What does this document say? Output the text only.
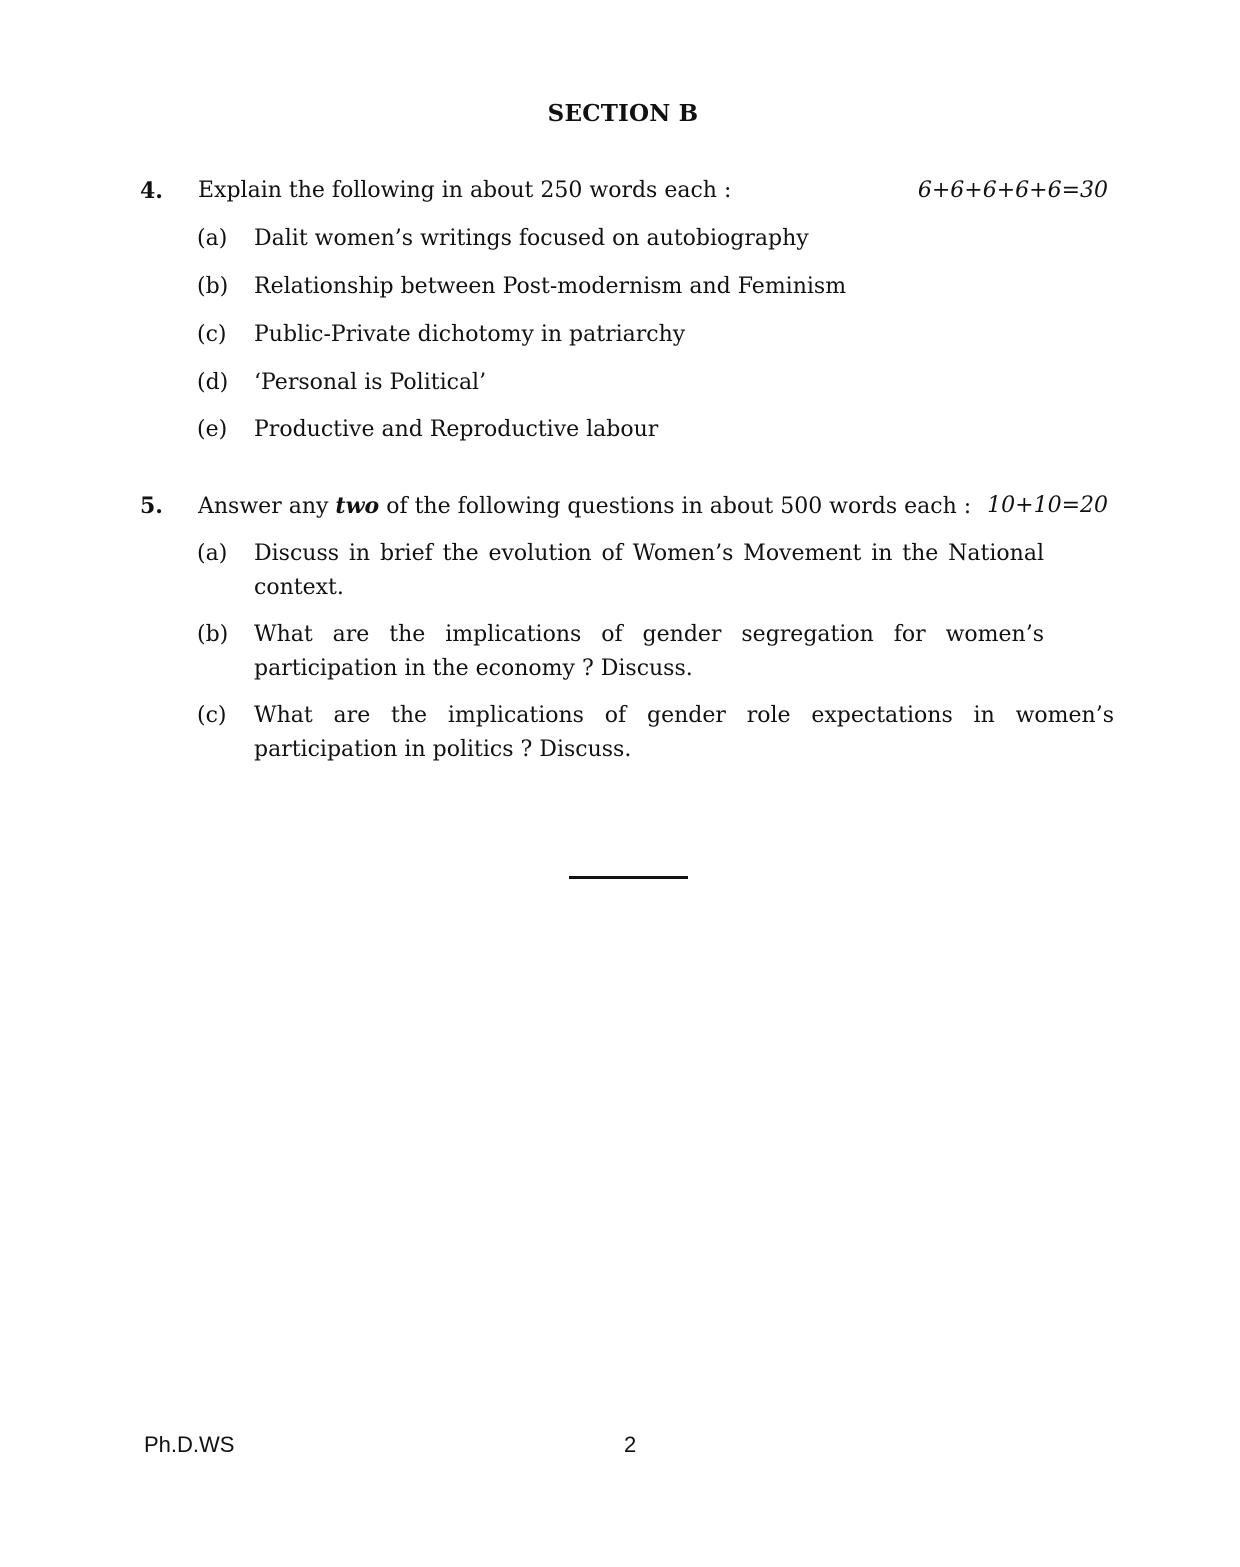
SECTION B
4. Explain the following in about 250 words each :	6+6+6+6+6=30
(a) Dalit women’s writings focused on autobiography
(b) Relationship between Post-modernism and Feminism
(c) Public-Private dichotomy in patriarchy
(d) ‘Personal is Political’
(e) Productive and Reproductive labour
5. Answer any two of the following questions in about 500 words each : 10+10=20
(a) Discuss in brief the evolution of Women’s Movement in the National context.
(b) What are the implications of gender segregation for women’s participation in the economy ? Discuss.
(c) What are the implications of gender role expectations in women’s participation in politics ? Discuss.
Ph.D.WS	2
